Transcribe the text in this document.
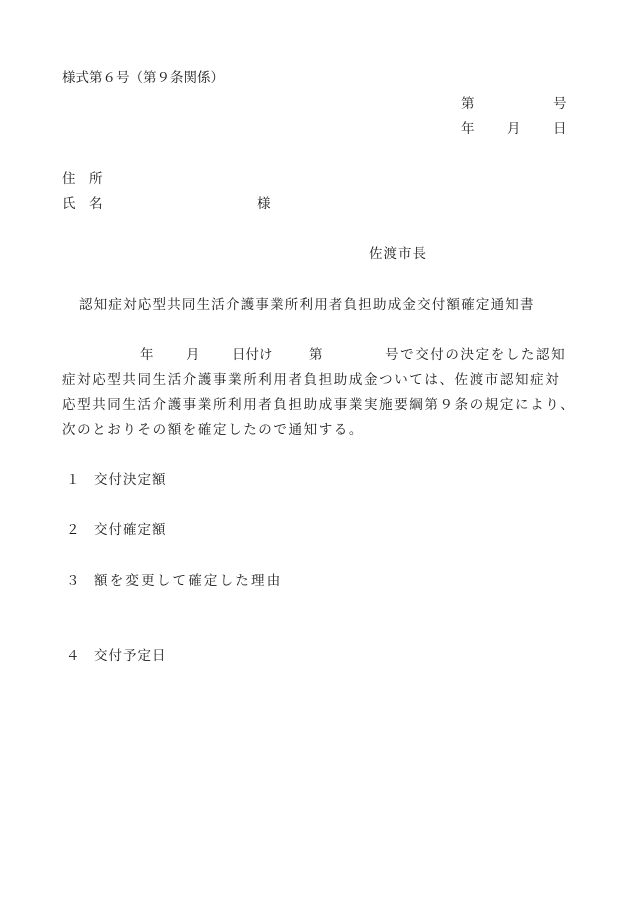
様式第６号（第９条関係）
第	号
年 月 日
住　所
氏　名	様
佐渡市長
認知症対応型共同生活介護事業所利用者負担助成金交付額確定通知書
年 月 日付け	第	号で交付の決定をした認知
症対応型共同生活介護事業所利用者負担助成金ついては、佐渡市認知症対
応型共同生活介護事業所利用者負担助成事業実施要綱第９条の規定により、
次のとおりその額を確定したので通知する。
１ 交付決定額
２ 交付確定額
３ 額を変更して確定した理由
４ 交付予定日
